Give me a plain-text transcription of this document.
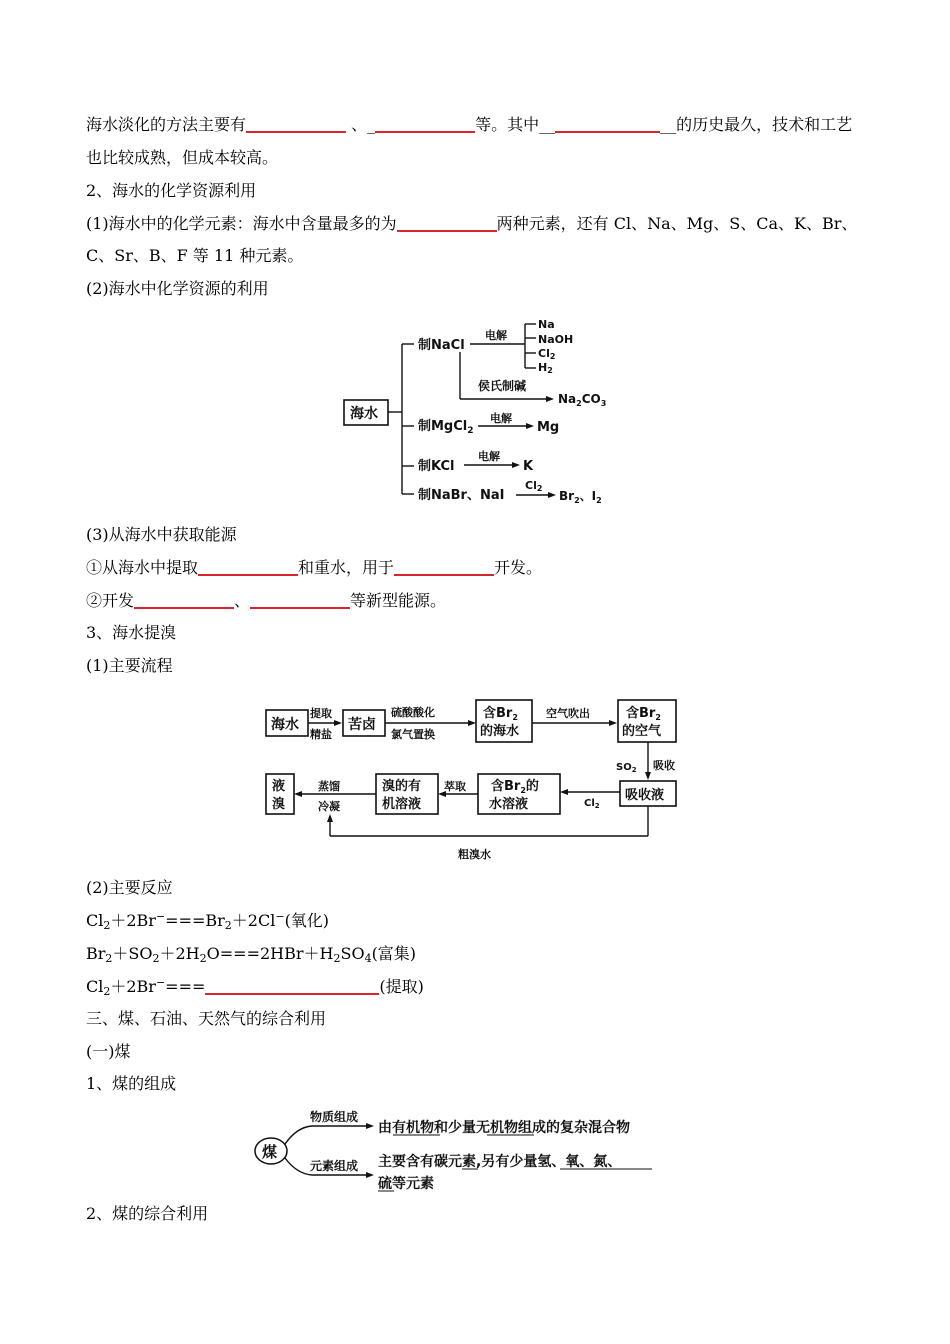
海水淡化的方法主要有	、_	等。其中__	__的历史最久，技术和工艺
也比较成熟，但成本较高。
2、海水的化学资源利用
(1)海水中的化学元素：海水中含量最多的为	两种元素，还有 Cl、Na、Mg、S、Ca、K、Br、
C、Sr、B、F 等 11 种元素。
(2)海水中化学资源的利用
海水
制NaCl
电解
Na
NaOH
Cl2
H2
侯氏制碱
$Na_2CO_3$
制MgCl$_2$
电解
Mg
制KCl
电解
K
制NaBr、NaI
Cl2
$Br_2$、$I_2$
(3)从海水中获取能源
①从海水中提取	和重水，用于	开发。
②开发	、	等新型能源。
3、海水提溴
(1)主要流程
海水
提取
精盐
苦卤
硫酸酸化
氯气置换
含$Br_2$
的海水
空气吹出	含$Br_2$
的空气
$SO_2$ 吸收
吸收液
$Cl_2$
含$Br_2$的
水溶液
萃取
溴的有
机溶液
蒸馏
冷凝
液
溴
粗溴水
(2)主要反应
$Cl_2+2Br^-===Br_2+2Cl^-$(氧化)
$Br_2+SO_2+2H_2O===2HBr+H_2SO_4$(富集)
$Cl_2+2Br^-===$	(提取)
三、煤、石油、天然气的综合利用
(一)煤
1、煤的组成
煤
物质组成
元素组成
由有机物和少量无机物组成的复杂混合物
主要含有碳元素,另有少量氢、氧、氮、
硫等元素
2、煤的综合利用
